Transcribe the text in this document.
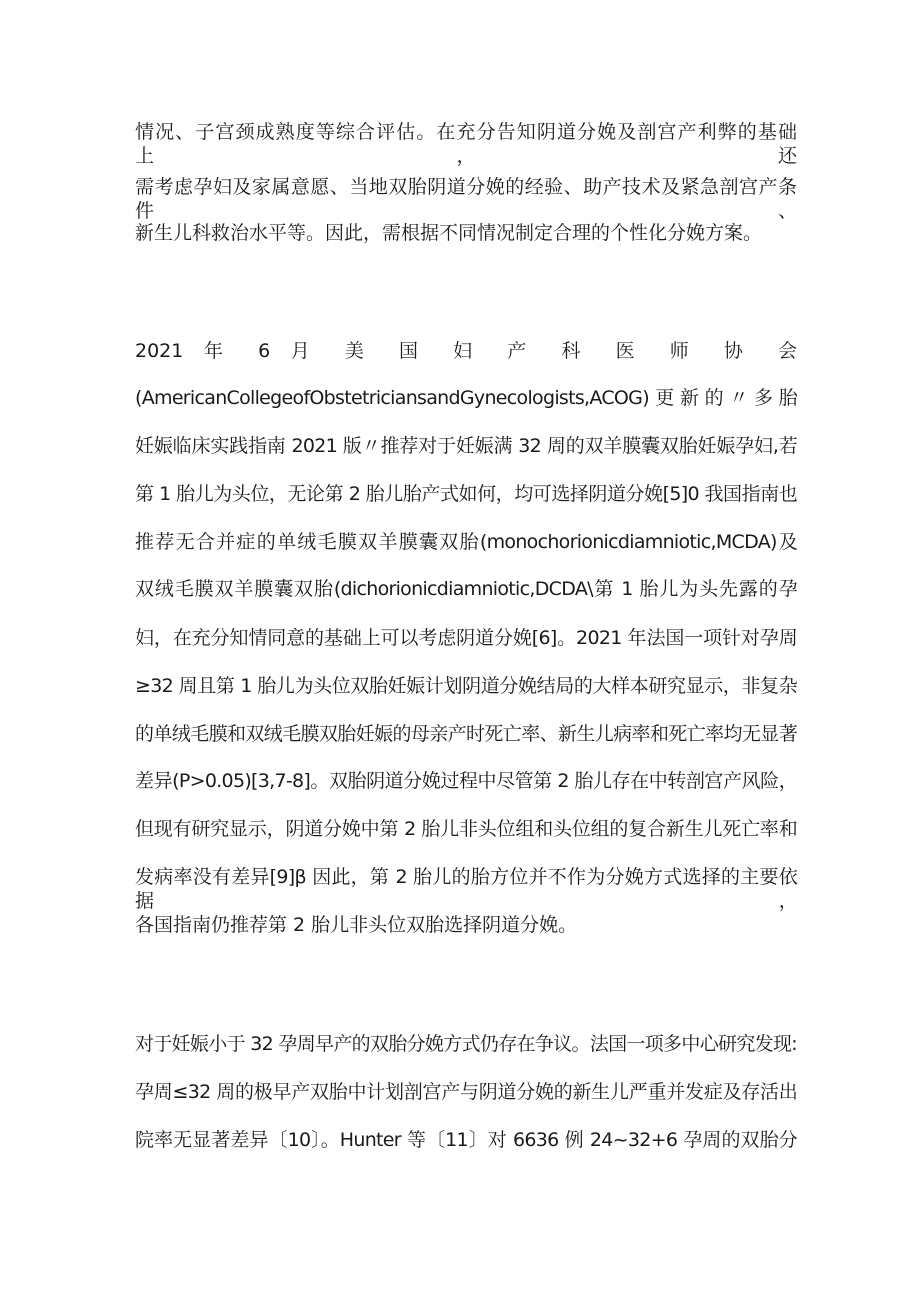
情况、子宫颈成熟度等综合评估。在充分告知阴道分娩及剖宫产利弊的基础上，还
需考虑孕妇及家属意愿、当地双胎阴道分娩的经验、助产技术及紧急剖宫产条件、
新生儿科救治水平等。因此，需根据不同情况制定合理的个性化分娩方案。
2021 年 6 月 美 国 妇 产 科 医 师 协 会
(AmericanCollegeofObstetriciansandGynecologists,ACOG)更新的〃多胎
妊娠临床实践指南 2021 版〃推荐对于妊娠满 32 周的双羊膜囊双胎妊娠孕妇,若
第 1 胎儿为头位，无论第 2 胎儿胎产式如何，均可选择阴道分娩[5]0 我国指南也
推荐无合并症的单绒毛膜双羊膜囊双胎(monochorionicdiamniotic,MCDA)及
双绒毛膜双羊膜囊双胎(dichorionicdiamniotic,DCDA\第 1 胎儿为头先露的孕
妇，在充分知情同意的基础上可以考虑阴道分娩[6]。2021 年法国一项针对孕周
≥32 周且第 1 胎儿为头位双胎妊娠计划阴道分娩结局的大样本研究显示，非复杂
的单绒毛膜和双绒毛膜双胎妊娠的母亲产时死亡率、新生儿病率和死亡率均无显著
差异(P>0.05)[3,7-8]。双胎阴道分娩过程中尽管第 2 胎儿存在中转剖宫产风险，
但现有研究显示，阴道分娩中第 2 胎儿非头位组和头位组的复合新生儿死亡率和
发病率没有差异[9]β 因此，第 2 胎儿的胎方位并不作为分娩方式选择的主要依据，
各国指南仍推荐第 2 胎儿非头位双胎选择阴道分娩。
对于妊娠小于 32 孕周早产的双胎分娩方式仍存在争议。法国一项多中心研究发现:
孕周≤32 周的极早产双胎中计划剖宫产与阴道分娩的新生儿严重并发症及存活出
院率无显著差异〔10〕。Hunter 等〔11〕对 6636 例 24~32+6 孕周的双胎分
